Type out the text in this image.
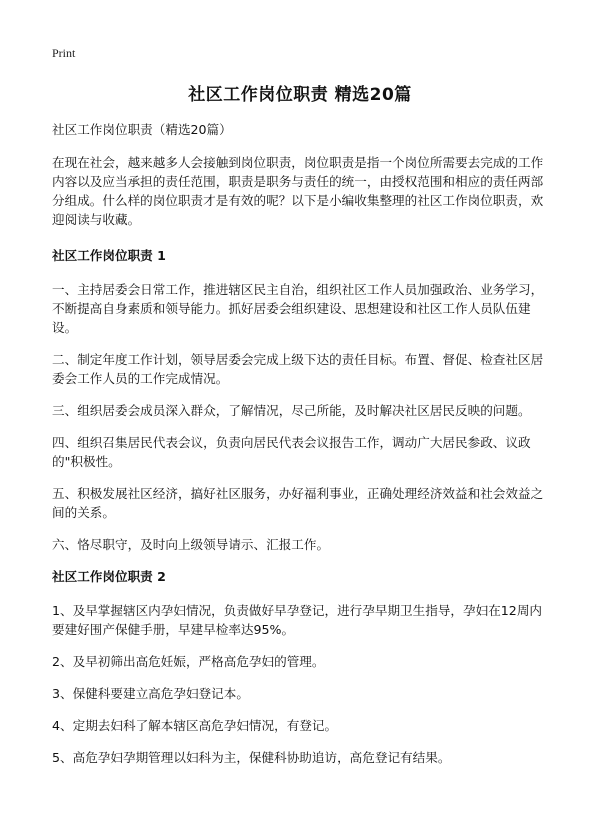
Print
社区工作岗位职责 精选20篇

社区工作岗位职责（精选20篇）

在现在社会，越来越多人会接触到岗位职责，岗位职责是指一个岗位所需要去完成的工作内容以及应当承担的责任范围，职责是职务与责任的统一，由授权范围和相应的责任两部分组成。什么样的岗位职责才是有效的呢？以下是小编收集整理的社区工作岗位职责，欢迎阅读与收藏。

社区工作岗位职责 1

一、主持居委会日常工作，推进辖区民主自治，组织社区工作人员加强政治、业务学习，不断提高自身素质和领导能力。抓好居委会组织建设、思想建设和社区工作人员队伍建设。

二、制定年度工作计划，领导居委会完成上级下达的责任目标。布置、督促、检查社区居委会工作人员的工作完成情况。

三、组织居委会成员深入群众，了解情况，尽己所能，及时解决社区居民反映的问题。

四、组织召集居民代表会议，负责向居民代表会议报告工作，调动广大居民参政、议政的"积极性。

五、积极发展社区经济，搞好社区服务，办好福利事业，正确处理经济效益和社会效益之间的关系。

六、恪尽职守，及时向上级领导请示、汇报工作。

社区工作岗位职责 2

1、及早掌握辖区内孕妇情况，负责做好早孕登记，进行孕早期卫生指导，孕妇在12周内要建好围产保健手册，早建早检率达95%。

2、及早初筛出高危妊娠，严格高危孕妇的管理。

3、保健科要建立高危孕妇登记本。

4、定期去妇科了解本辖区高危孕妇情况，有登记。

5、高危孕妇孕期管理以妇科为主，保健科协助追访，高危登记有结果。
